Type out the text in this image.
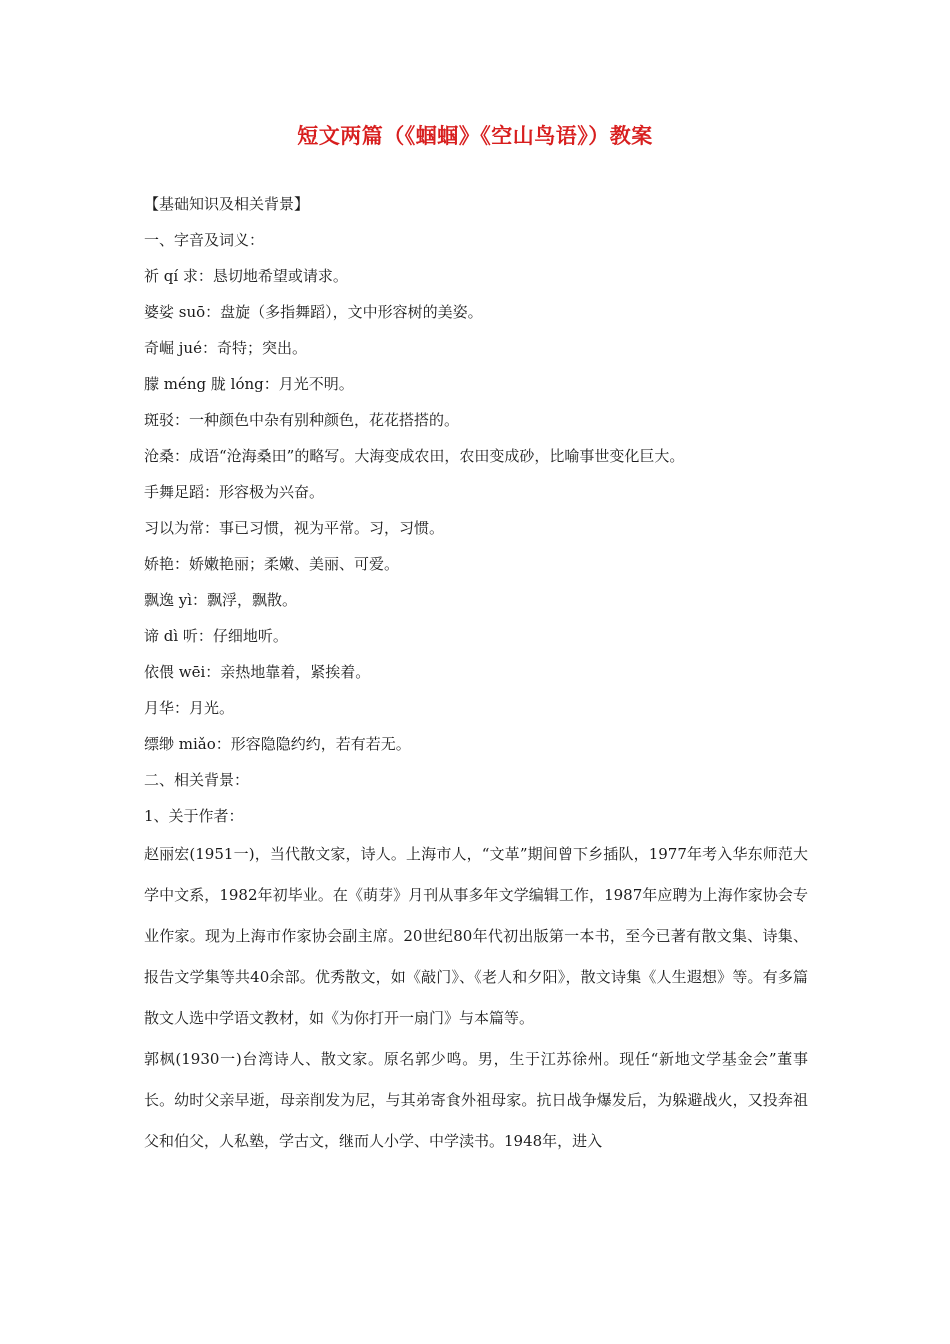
短文两篇（《蝈蝈》《空山鸟语》）教案
【基础知识及相关背景】
一、字音及词义：
祈 qí 求：恳切地希望或请求。
婆娑 suō：盘旋（多指舞蹈），文中形容树的美姿。
奇崛 jué：奇特；突出。
朦 méng 胧 lóng：月光不明。
斑驳：一种颜色中杂有别种颜色，花花搭搭的。
沧桑：成语“沧海桑田”的略写。大海变成农田，农田变成砂，比喻事世变化巨大。
手舞足蹈：形容极为兴奋。
习以为常：事已习惯，视为平常。习，习惯。
娇艳：娇嫩艳丽；柔嫩、美丽、可爱。
飘逸 yì：飘浮，飘散。
谛 dì 听：仔细地听。
依偎 wēi：亲热地靠着，紧挨着。
月华：月光。
缥缈 miǎo：形容隐隐约约，若有若无。
二、相关背景：
1、关于作者：
赵丽宏(1951一)，当代散文家，诗人。上海市人，“文革”期间曾下乡插队，1977年考入华东师范大学中文系，1982年初毕业。在《萌芽》月刊从事多年文学编辑工作，1987年应聘为上海作家协会专业作家。现为上海市作家协会副主席。20世纪80年代初出版第一本书，至今已著有散文集、诗集、报告文学集等共40余部。优秀散文，如《敲门》、《老人和夕阳》，散文诗集《人生遐想》等。有多篇散文人选中学语文教材，如《为你打开一扇门》与本篇等。
郭枫(1930一)台湾诗人、散文家。原名郭少鸣。男，生于江苏徐州。现任“新地文学基金会”董事长。幼时父亲早逝，母亲削发为尼，与其弟寄食外祖母家。抗日战争爆发后，为躲避战火，又投奔祖父和伯父，人私塾，学古文，继而人小学、中学渎书。1948年，进入
